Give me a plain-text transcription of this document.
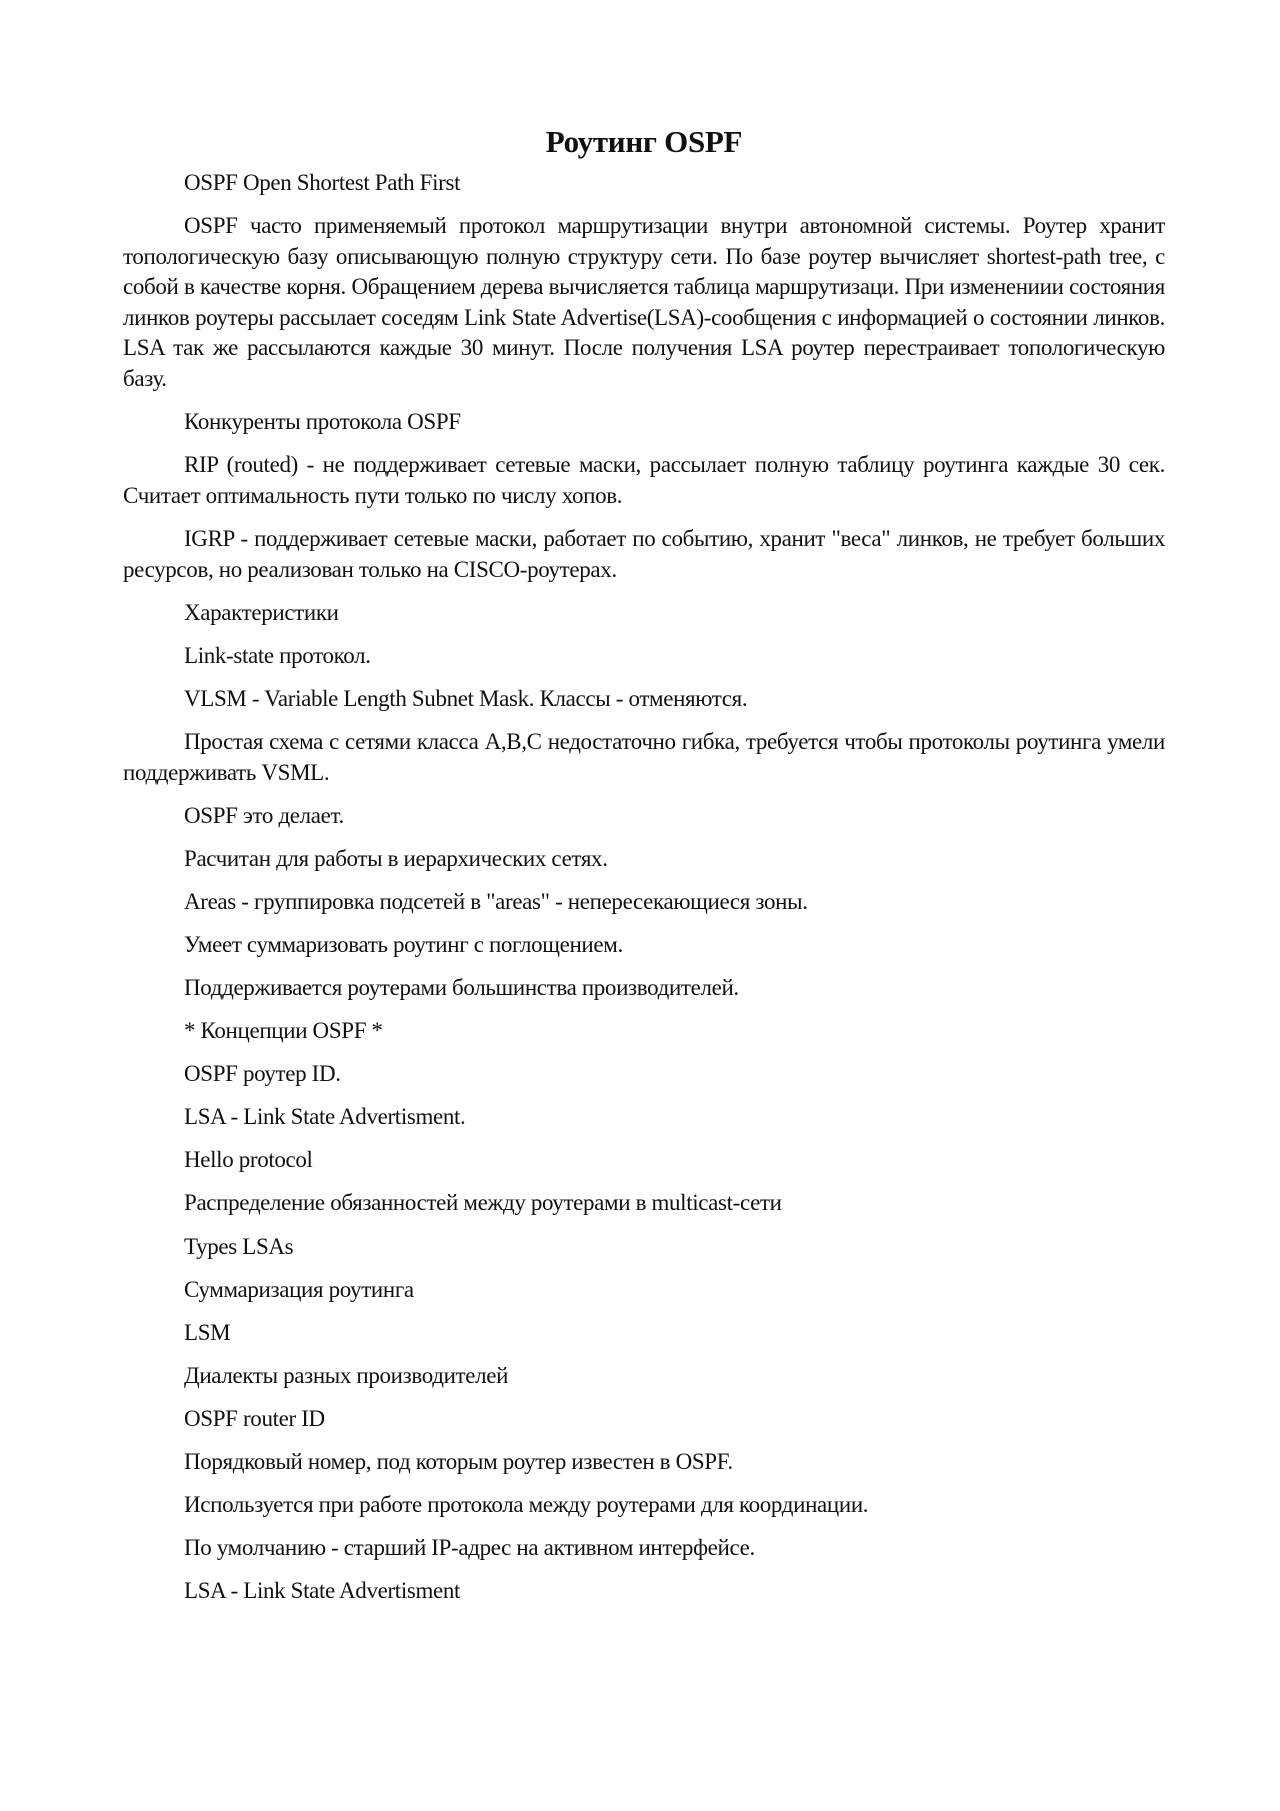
Роутинг OSPF

OSPF Open Shortest Path First

OSPF часто применяемый протокол маршрутизации внутри автономной системы. Роутер хранит топологическую базу описывающую полную структуру сети. По базе роутер вычисляет shortest-path tree, с собой в качестве корня. Обращением дерева вычисляется таблица маршрутизаци. При изменениии состояния линков роутеры рассылает соседям Link State Advertise(LSA)-сообщения с информацией о состоянии линков. LSA так же рассылаются каждые 30 минут. После получения LSA роутер перестраивает топологическую базу.

Конкуренты протокола OSPF

RIP (routed) - не поддерживает сетевые маски, рассылает полную таблицу роутинга каждые 30 сек. Считает оптимальность пути только по числу хопов.

IGRP - поддерживает сетевые маски, работает по событию, хранит "веса" линков, не требует больших ресурсов, но реализован только на CISCO-роутерах.

Характеристики

Link-state протокол.

VLSM - Variable Length Subnet Mask. Классы - отменяются.

Простая схема с сетями класса A,B,C недостаточно гибка, требуется чтобы протоколы роутинга умели поддерживать VSML.

OSPF это делает.

Расчитан для работы в иерархических сетях.

Areas - группировка подсетей в "areas" - непересекающиеся зоны.

Умеет суммаризовать роутинг с поглощением.

Поддерживается роутерами большинства производителей.

* Концепции OSPF *

OSPF роутер ID.

LSA - Link State Advertisment.

Hello protocol

Распределение обязанностей между роутерами в multicast-сети

Types LSAs

Суммаризация роутинга

LSM

Диалекты разных производителей

OSPF router ID

Порядковый номер, под которым роутер известен в OSPF.

Используется при работе протокола между роутерами для координации.

По умолчанию - старший IP-адрес на активном интерфейсе.

LSA - Link State Advertisment
